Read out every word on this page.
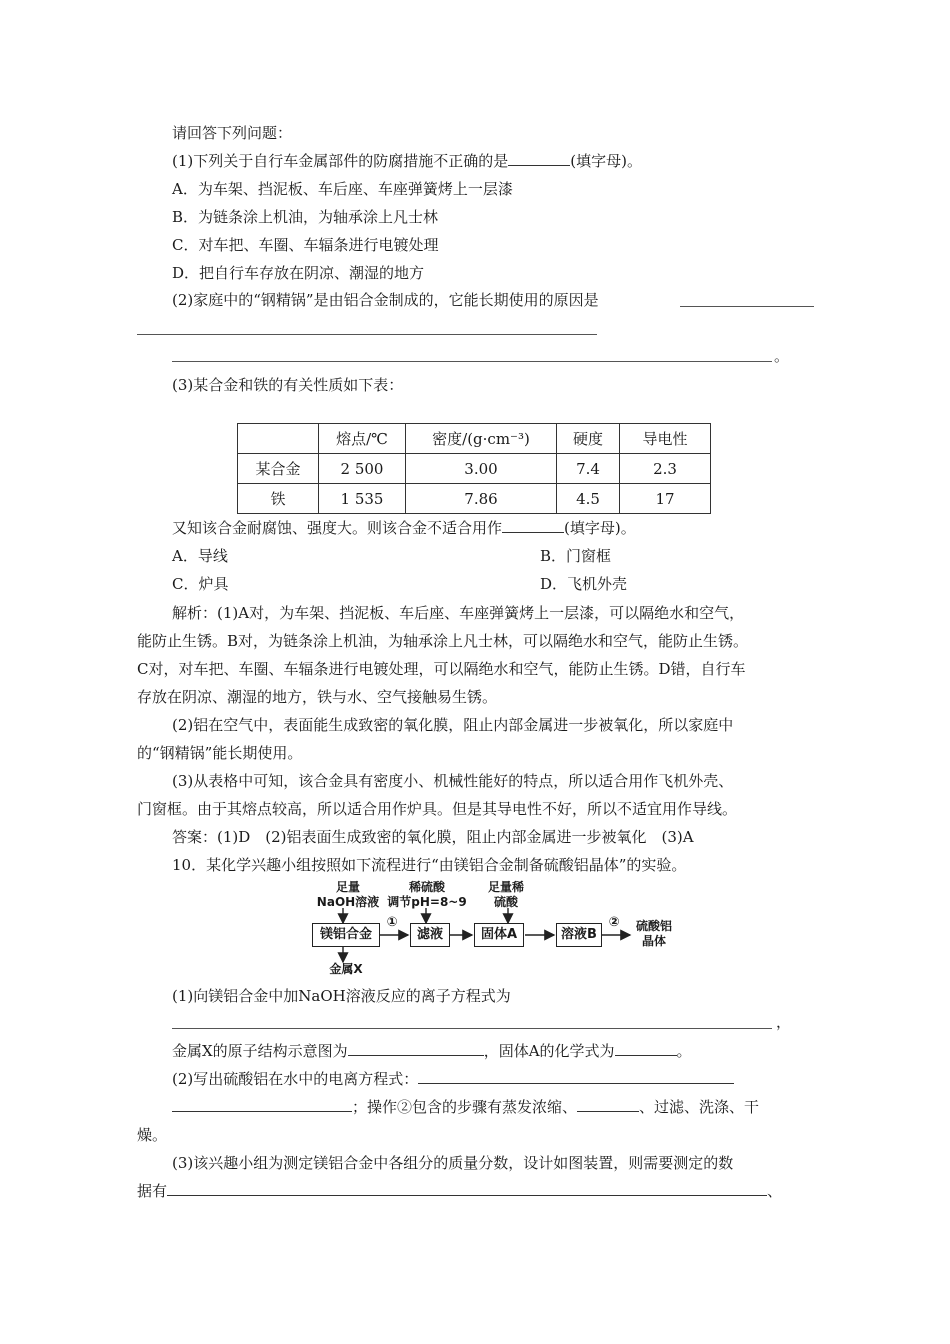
请回答下列问题：
(1)下列关于自行车金属部件的防腐措施不正确的是	(填字母)。
A．为车架、挡泥板、车后座、车座弹簧烤上一层漆
B．为链条涂上机油，为轴承涂上凡士林
C．对车把、车圈、车辐条进行电镀处理
D．把自行车存放在阴凉、潮湿的地方
(2)家庭中的“钢精锅”是由铝合金制成的，它能长期使用的原因是
。
(3)某合金和铁的有关性质如下表：
	熔点/℃	密度/(g·cm⁻³)	硬度	导电性
某合金	2 500	3.00	7.4	2.3
铁	1 535	7.86	4.5	17
又知该合金耐腐蚀、强度大。则该合金不适合用作	(填字母)。
A．导线	B．门窗框
C．炉具	D．飞机外壳
解析：(1)A对，为车架、挡泥板、车后座、车座弹簧烤上一层漆，可以隔绝水和空气，
能防止生锈。B对，为链条涂上机油，为轴承涂上凡士林，可以隔绝水和空气，能防止生锈。
C对，对车把、车圈、车辐条进行电镀处理，可以隔绝水和空气，能防止生锈。D错，自行车
存放在阴凉、潮湿的地方，铁与水、空气接触易生锈。
(2)铝在空气中，表面能生成致密的氧化膜，阻止内部金属进一步被氧化，所以家庭中
的“钢精锅”能长期使用。
(3)从表格中可知，该合金具有密度小、机械性能好的特点，所以适合用作飞机外壳、
门窗框。由于其熔点较高，所以适合用作炉具。但是其导电性不好，所以不适宜用作导线。
答案：(1)D　(2)铝表面生成致密的氧化膜，阻止内部金属进一步被氧化　(3)A
10．某化学兴趣小组按照如下流程进行“由镁铝合金制备硫酸铝晶体”的实验。
足量
NaOH溶液
稀硫酸
调节pH=8~9
足量稀
硫酸
①	②
镁铝合金	滤液	固体A	溶液B
硫酸铝
晶体
金属X
(1)向镁铝合金中加NaOH溶液反应的离子方程式为
，
金属X的原子结构示意图为	，固体A的化学式为	。
(2)写出硫酸铝在水中的电离方程式：
；操作②包含的步骤有蒸发浓缩、	、过滤、洗涤、干
燥。
(3)该兴趣小组为测定镁铝合金中各组分的质量分数，设计如图装置，则需要测定的数
据有	、
